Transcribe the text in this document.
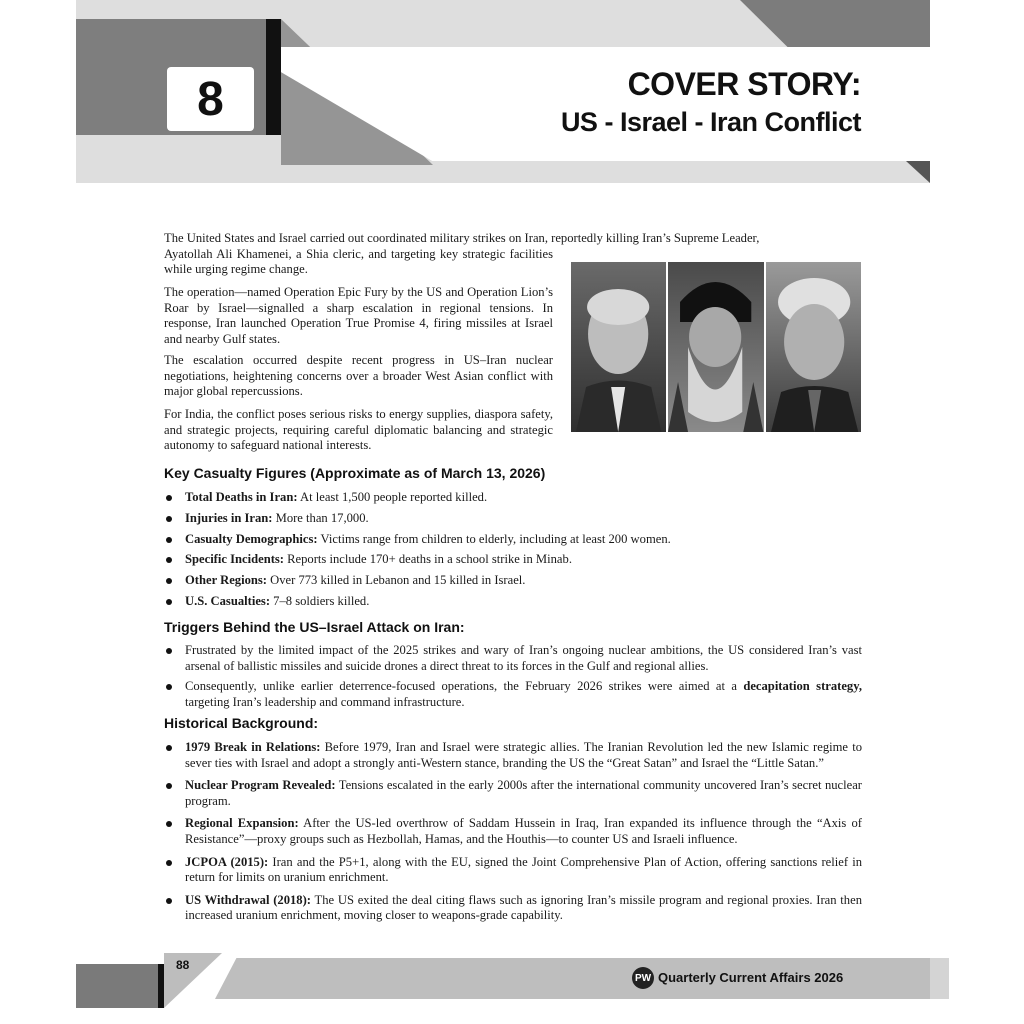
8	COVER STORY:
US - Israel - Iran Conflict

The United States and Israel carried out coordinated military strikes on Iran, reportedly killing Iran’s Supreme Leader,

Ayatollah Ali Khamenei, a Shia cleric, and targeting key strategic facilities while urging regime change.

The operation—named Operation Epic Fury by the US and Operation Lion’s Roar by Israel—signalled a sharp escalation in regional tensions. In response, Iran launched Operation True Promise 4, firing missiles at Israel and nearby Gulf states.

The escalation occurred despite recent progress in US–Iran nuclear negotiations, heightening concerns over a broader West Asian conflict with major global repercussions.

For India, the conflict poses serious risks to energy supplies, diaspora safety, and strategic projects, requiring careful diplomatic balancing and strategic autonomy to safeguard national interests.

Key Casualty Figures (Approximate as of March 13, 2026)
Total Deaths in Iran: At least 1,500 people reported killed.
Injuries in Iran: More than 17,000.
Casualty Demographics: Victims range from children to elderly, including at least 200 women.
Specific Incidents: Reports include 170+ deaths in a school strike in Minab.
Other Regions: Over 773 killed in Lebanon and 15 killed in Israel.
U.S. Casualties: 7–8 soldiers killed.
Triggers Behind the US–Israel Attack on Iran:
Frustrated by the limited impact of the 2025 strikes and wary of Iran’s ongoing nuclear ambitions, the US considered Iran’s vast arsenal of ballistic missiles and suicide drones a direct threat to its forces in the Gulf and regional allies.
Consequently, unlike earlier deterrence-focused operations, the February 2026 strikes were aimed at a decapitation strategy, targeting Iran’s leadership and command infrastructure.
Historical Background:
1979 Break in Relations: Before 1979, Iran and Israel were strategic allies. The Iranian Revolution led the new Islamic regime to sever ties with Israel and adopt a strongly anti-Western stance, branding the US the “Great Satan” and Israel the “Little Satan.”
Nuclear Program Revealed: Tensions escalated in the early 2000s after the international community uncovered Iran’s secret nuclear program.
Regional Expansion: After the US-led overthrow of Saddam Hussein in Iraq, Iran expanded its influence through the “Axis of Resistance”—proxy groups such as Hezbollah, Hamas, and the Houthis—to counter US and Israeli influence.
JCPOA (2015): Iran and the P5+1, along with the EU, signed the Joint Comprehensive Plan of Action, offering sanctions relief in return for limits on uranium enrichment.
US Withdrawal (2018): The US exited the deal citing flaws such as ignoring Iran’s missile program and regional proxies. Iran then increased uranium enrichment, moving closer to weapons-grade capability.
88
PW Quarterly Current Affairs 2026
